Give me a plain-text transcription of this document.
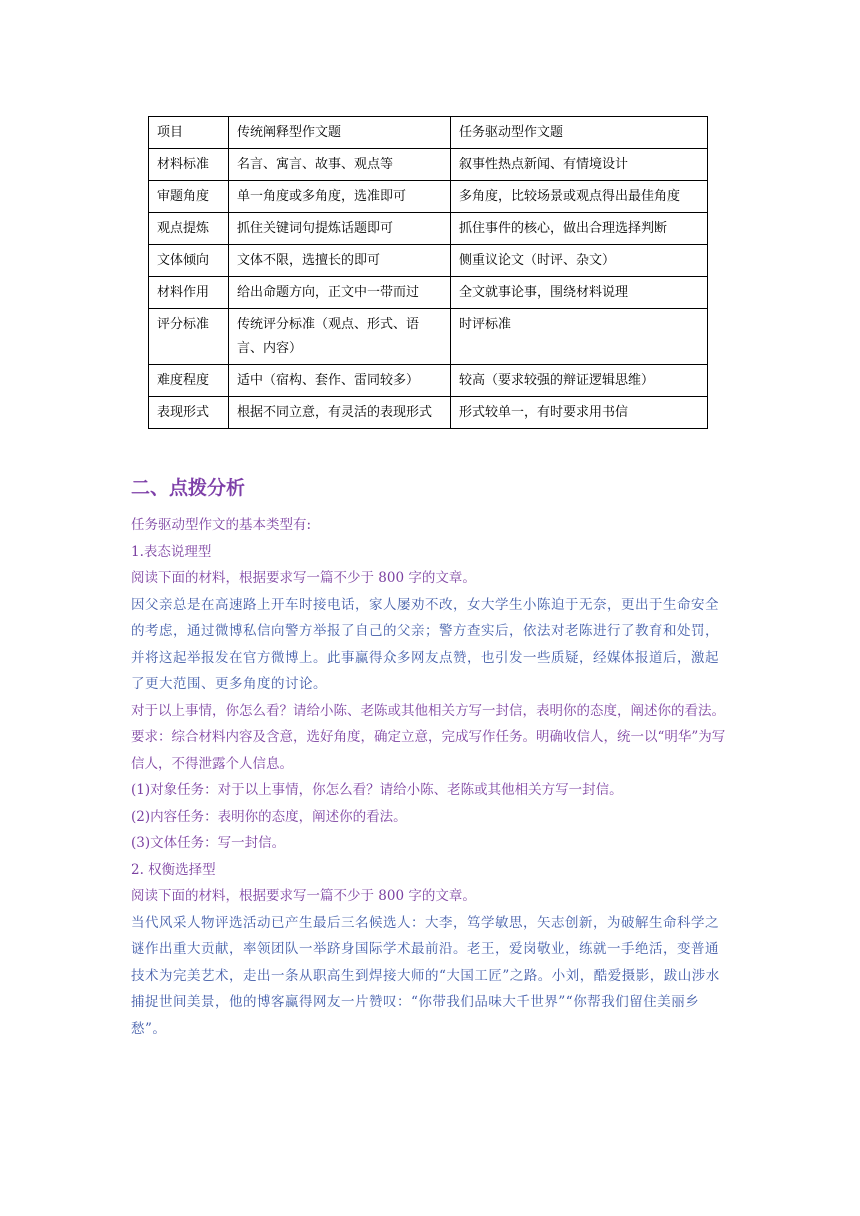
项目	传统阐释型作文题	任务驱动型作文题
材料标准	名言、寓言、故事、观点等	叙事性热点新闻、有情境设计
审题角度	单一角度或多角度，选准即可	多角度，比较场景或观点得出最佳角度
观点提炼	抓住关键词句提炼话题即可	抓住事件的核心，做出合理选择判断
文体倾向	文体不限，选擅长的即可	侧重议论文（时评、杂文）
材料作用	给出命题方向，正文中一带而过	全文就事论事，围绕材料说理
评分标准	传统评分标准（观点、形式、语言、内容）	时评标准
难度程度	适中（宿构、套作、雷同较多）	较高（要求较强的辩证逻辑思维）
表现形式	根据不同立意，有灵活的表现形式	形式较单一，有时要求用书信

二、点拨分析

任务驱动型作文的基本类型有:

1.表态说理型

阅读下面的材料，根据要求写一篇不少于 800 字的文章。

因父亲总是在高速路上开车时接电话，家人屡劝不改，女大学生小陈迫于无奈，更出于生命安全的考虑，通过微博私信向警方举报了自己的父亲；警方查实后，依法对老陈进行了教育和处罚，并将这起举报发在官方微博上。此事赢得众多网友点赞，也引发一些质疑，经媒体报道后，激起了更大范围、更多角度的讨论。

对于以上事情，你怎么看？请给小陈、老陈或其他相关方写一封信，表明你的态度，阐述你的看法。

要求：综合材料内容及含意，选好角度，确定立意，完成写作任务。明确收信人，统一以“明华”为写信人，不得泄露个人信息。

(1)对象任务：对于以上事情，你怎么看？请给小陈、老陈或其他相关方写一封信。

(2)内容任务：表明你的态度，阐述你的看法。

(3)文体任务：写一封信。

2. 权衡选择型

阅读下面的材料，根据要求写一篇不少于 800 字的文章。

当代风采人物评选活动已产生最后三名候选人：大李，笃学敏思，矢志创新，为破解生命科学之谜作出重大贡献，率领团队一举跻身国际学术最前沿。老王，爱岗敬业，练就一手绝活，变普通技术为完美艺术，走出一条从职高生到焊接大师的“大国工匠”之路。小刘，酷爱摄影，跋山涉水捕捉世间美景，他的博客赢得网友一片赞叹：“你带我们品味大千世界”“你帮我们留住美丽乡愁”。
